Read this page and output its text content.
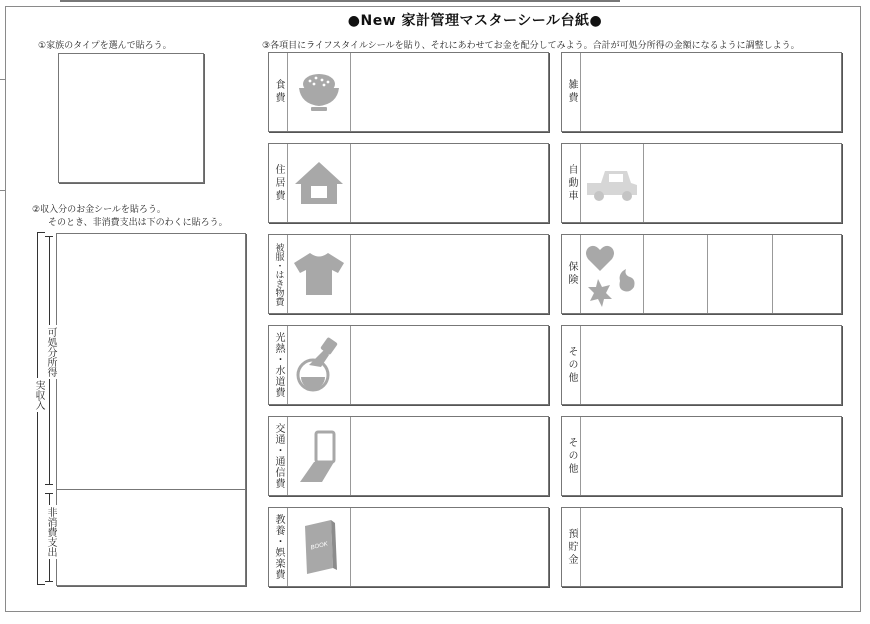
●New 家計管理マスターシール台紙●
①家族のタイプを選んで貼ろう。
②収入分のお金シールを貼ろう。
そのとき、非消費支出は下のわくに貼ろう。
実収入
可処分所得
非消費支出
③各項目にライフスタイルシールを貼り、それにあわせてお金を配分してみよう。合計が可処分所得の金額になるように調整しよう。
食費
住居費
被服・はき物費
光熱・水道費
交通・通信費
教養・娯楽費	BOOK
雑費
自動車
保険
その他
その他
預貯金
